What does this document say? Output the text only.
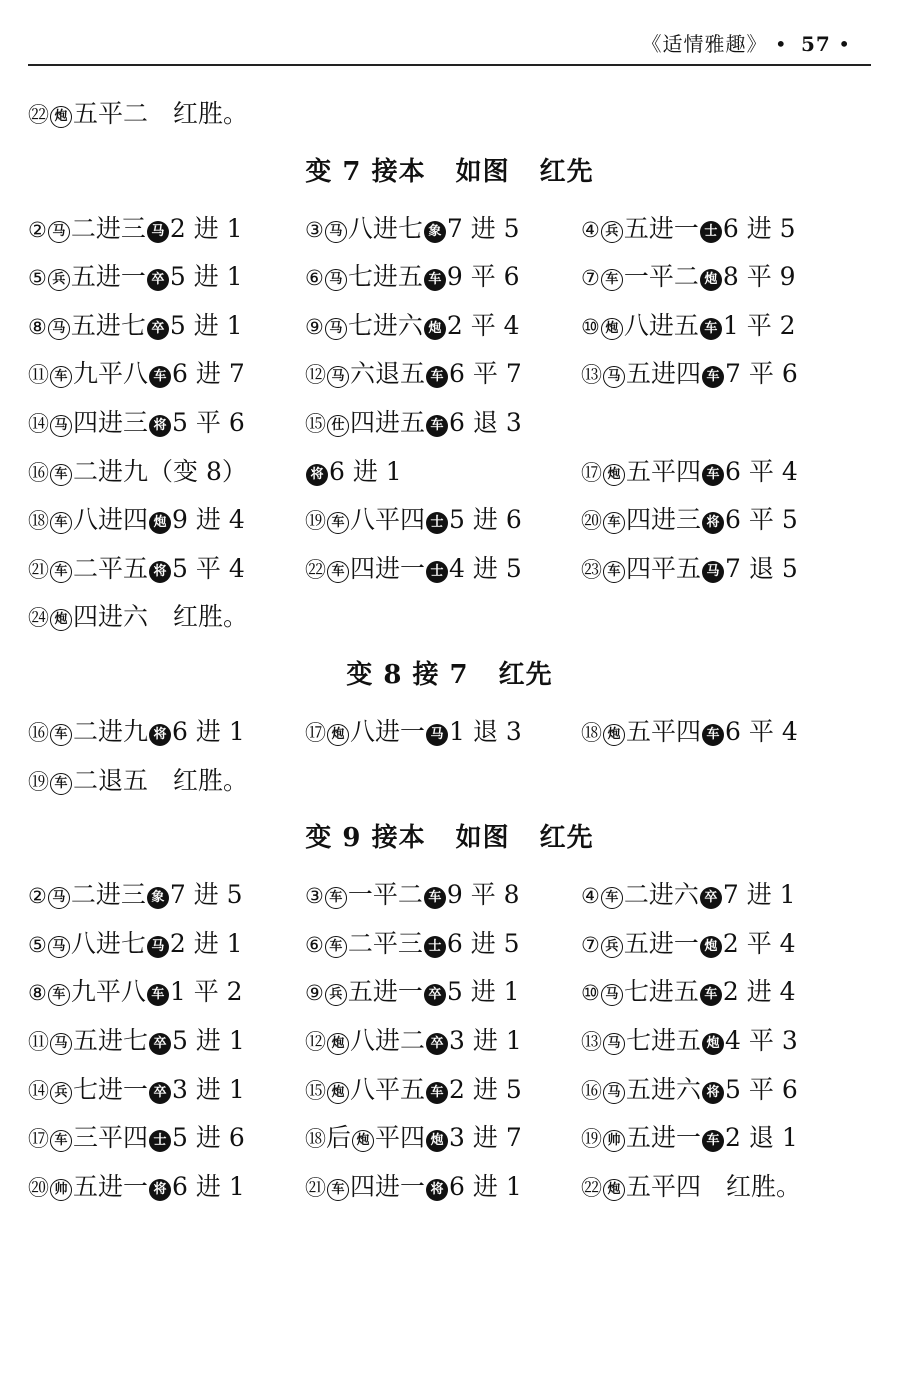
《适情雅趣》 • 57 •
㉒ 炮 五平二　红胜。
变 7 接本 如图 红先
② 马 二进三 马 2 进 1	③ 马 八进七 象 7 进 5	④ 兵 五进一 士 6 进 5
⑤ 兵 五进一 卒 5 进 1	⑥ 马 七进五 车 9 平 6	⑦ 车 一平二 炮 8 平 9
⑧ 马 五进七 卒 5 进 1	⑨ 马 七进六 炮 2 平 4	⑩ 炮 八进五 车 1 平 2
⑪ 车 九平八 车 6 进 7	⑫ 马 六退五 车 6 平 7	⑬ 马 五进四 车 7 平 6
⑭ 马 四进三 将 5 平 6	⑮ 仕 四进五 车 6 退 3
⑯ 车 二进九（变 8）	将 6 进 1	⑰ 炮 五平四 车 6 平 4
⑱ 车 八进四 炮 9 进 4	⑲ 车 八平四 士 5 进 6	⑳ 车 四进三 将 6 平 5
㉑ 车 二平五 将 5 平 4	㉒ 车 四进一 士 4 进 5	㉓ 车 四平五 马 7 退 5
㉔ 炮 四进六　红胜。
变 8 接 7 红先
⑯ 车 二进九 将 6 进 1	⑰ 炮 八进一 马 1 退 3	⑱ 炮 五平四 车 6 平 4
⑲ 车 二退五　红胜。
变 9 接本 如图 红先
② 马 二进三 象 7 进 5	③ 车 一平二 车 9 平 8	④ 车 二进六 卒 7 进 1
⑤ 马 八进七 马 2 进 1	⑥ 车 二平三 士 6 进 5	⑦ 兵 五进一 炮 2 平 4
⑧ 车 九平八 车 1 平 2	⑨ 兵 五进一 卒 5 进 1	⑩ 马 七进五 车 2 进 4
⑪ 马 五进七 卒 5 进 1	⑫ 炮 八进二 卒 3 进 1	⑬ 马 七进五 炮 4 平 3
⑭ 兵 七进一 卒 3 进 1	⑮ 炮 八平五 车 2 进 5	⑯ 马 五进六 将 5 平 6
⑰ 车 三平四 士 5 进 6	⑱后 炮 平四 炮 3 进 7	⑲ 帅 五进一 车 2 退 1
⑳ 帅 五进一 将 6 进 1	㉑ 车 四进一 将 6 进 1	㉒ 炮 五平四　红胜。
